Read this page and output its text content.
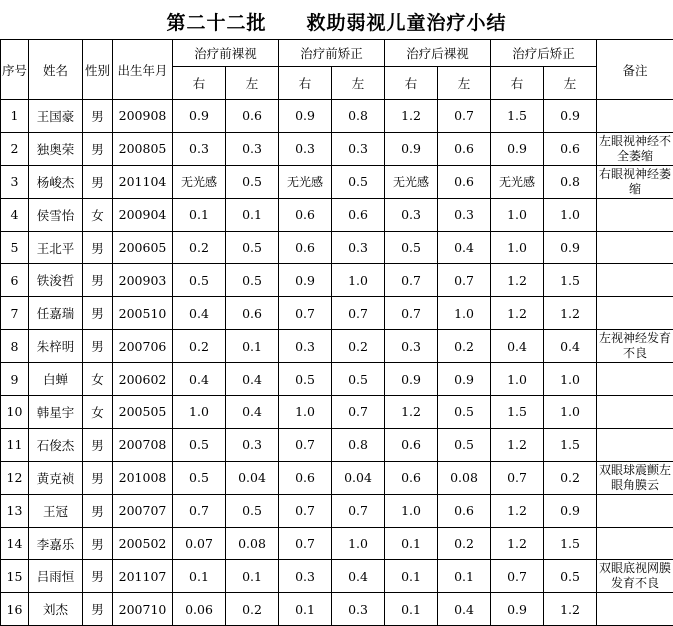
第二十二批　　救助弱视儿童治疗小结
序号	姓名	性别	出生年月	治疗前裸视		治疗前矫正		治疗后裸视		治疗后矫正		备注
				右	左	右	左	右	左	右	左	
1	王国豪	男	200908	0.9	0.6	0.9	0.8	1.2	0.7	1.5	0.9	
2	独奥荣	男	200805	0.3	0.3	0.3	0.3	0.9	0.6	0.9	0.6	左眼视神经不全萎缩
3	杨峻杰	男	201104	无光感	0.5	无光感	0.5	无光感	0.6	无光感	0.8	右眼视神经萎缩
4	侯雪怡	女	200904	0.1	0.1	0.6	0.6	0.3	0.3	1.0	1.0	
5	王北平	男	200605	0.2	0.5	0.6	0.3	0.5	0.4	1.0	0.9	
6	铁浚哲	男	200903	0.5	0.5	0.9	1.0	0.7	0.7	1.2	1.5	
7	任嘉瑞	男	200510	0.4	0.6	0.7	0.7	0.7	1.0	1.2	1.2	
8	朱梓明	男	200706	0.2	0.1	0.3	0.2	0.3	0.2	0.4	0.4	左视神经发育不良
9	白蝉	女	200602	0.4	0.4	0.5	0.5	0.9	0.9	1.0	1.0	
10	韩星宇	女	200505	1.0	0.4	1.0	0.7	1.2	0.5	1.5	1.0	
11	石俊杰	男	200708	0.5	0.3	0.7	0.8	0.6	0.5	1.2	1.5	
12	黄克祯	男	201008	0.5	0.04	0.6	0.04	0.6	0.08	0.7	0.2	双眼球震颤左眼角膜云
13	王冠	男	200707	0.7	0.5	0.7	0.7	1.0	0.6	1.2	0.9	
14	李嘉乐	男	200502	0.07	0.08	0.7	1.0	0.1	0.2	1.2	1.5	
15	吕雨恒	男	201107	0.1	0.1	0.3	0.4	0.1	0.1	0.7	0.5	双眼底视网膜发育不良
16	刘杰	男	200710	0.06	0.2	0.1	0.3	0.1	0.4	0.9	1.2	
